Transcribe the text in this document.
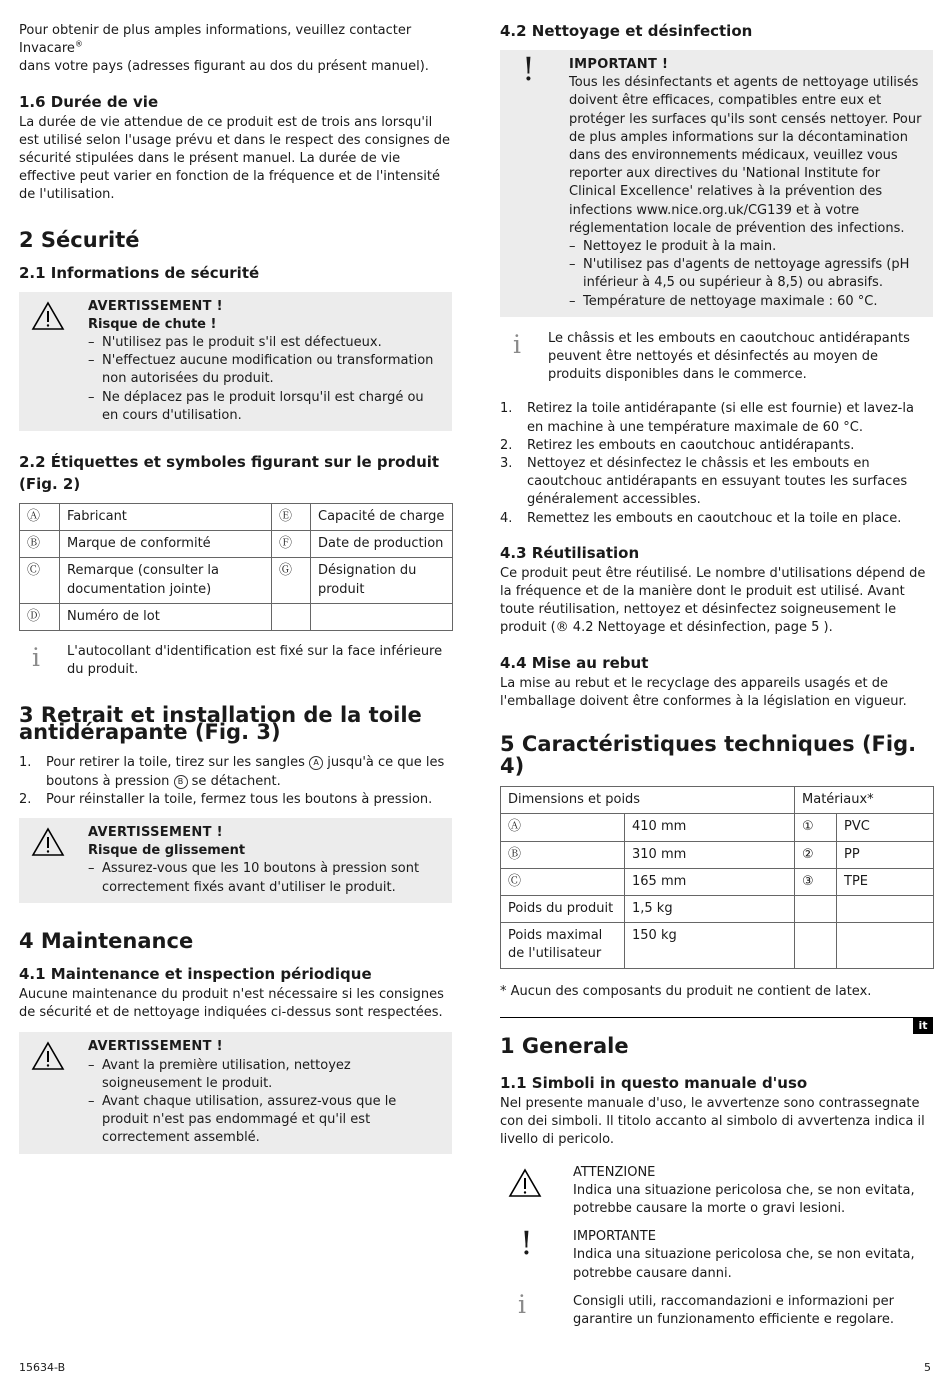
Pour obtenir de plus amples informations, veuillez contacter Invacare®
dans votre pays (adresses figurant au dos du présent manuel).

1.6 Durée de vie

La durée de vie attendue de ce produit est de trois ans lorsqu'il est utilisé selon l'usage prévu et dans le respect des consignes de sécurité stipulées dans le présent manuel. La durée de vie effective peut varier en fonction de la fréquence et de l'intensité de l'utilisation.

2 Sécurité
2.1 Informations de sécurité
AVERTISSEMENT !
Risque de chute !
– N'utilisez pas le produit s'il est défectueux.
– N'effectuez aucune modification ou transformation non autorisées du produit.
– Ne déplacez pas le produit lorsqu'il est chargé ou en cours d'utilisation.
2.2 Étiquettes et symboles figurant sur le produit (Fig. 2)
Ⓐ	Fabricant	Ⓔ	Capacité de charge
Ⓑ	Marque de conformité	Ⓕ	Date de production
Ⓒ	Remarque (consulter la documentation jointe)	Ⓖ	Désignation du produit
Ⓓ	Numéro de lot		
i	L'autocollant d'identification est fixé sur la face inférieure du produit.

3 Retrait et installation de la toile antidérapante (Fig. 3)
1. Pour retirer la toile, tirez sur les sangles A jusqu'à ce que les boutons à pression B se détachent.
2. Pour réinstaller la toile, fermez tous les boutons à pression.
AVERTISSEMENT !
Risque de glissement
– Assurez-vous que les 10 boutons à pression sont correctement fixés avant d'utiliser le produit.
4 Maintenance
4.1 Maintenance et inspection périodique

Aucune maintenance du produit n'est nécessaire si les consignes de sécurité et de nettoyage indiquées ci-dessus sont respectées.

AVERTISSEMENT !
– Avant la première utilisation, nettoyez soigneusement le produit.
– Avant chaque utilisation, assurez-vous que le produit n'est pas endommagé et qu'il est correctement assemblé.
4.2 Nettoyage et désinfection
!	IMPORTANT !

Tous les désinfectants et agents de nettoyage utilisés doivent être efficaces, compatibles entre eux et protéger les surfaces qu'ils sont censés nettoyer. Pour de plus amples informations sur la décontamination dans des environnements médicaux, veuillez vous reporter aux directives du 'National Institute for Clinical Excellence' relatives à la prévention des infections www.nice.org.uk/CG139 et à votre réglementation locale de prévention des infections.

– Nettoyez le produit à la main.
– N'utilisez pas d'agents de nettoyage agressifs (pH inférieur à 4,5 ou supérieur à 8,5) ou abrasifs.
– Température de nettoyage maximale : 60 °C.
i	Le châssis et les embouts en caoutchouc antidérapants peuvent être nettoyés et désinfectés au moyen de produits disponibles dans le commerce.

1. Retirez la toile antidérapante (si elle est fournie) et lavez-la en machine à une température maximale de 60 °C.
2. Retirez les embouts en caoutchouc antidérapants.
3. Nettoyez et désinfectez le châssis et les embouts en caoutchouc antidérapants en essuyant toutes les surfaces généralement accessibles.
4. Remettez les embouts en caoutchouc et la toile en place.
4.3 Réutilisation

Ce produit peut être réutilisé. Le nombre d'utilisations dépend de la fréquence et de la manière dont le produit est utilisé. Avant toute réutilisation, nettoyez et désinfectez soigneusement le produit (® 4.2 Nettoyage et désinfection, page 5 ).

4.4 Mise au rebut

La mise au rebut et le recyclage des appareils usagés et de l'emballage doivent être conformes à la législation en vigueur.

5 Caractéristiques techniques (Fig. 4)
Dimensions et poids		Matériaux*	
Ⓐ	410 mm	①	PVC
Ⓑ	310 mm	②	PP
Ⓒ	165 mm	③	TPE
Poids du produit	1,5 kg		
Poids maximal de l'utilisateur	150 kg		

* Aucun des composants du produit ne contient de latex.

it
1 Generale
1.1 Simboli in questo manuale d'uso

Nel presente manuale d'uso, le avvertenze sono contrassegnate con dei simboli. Il titolo accanto al simbolo di avvertenza indica il livello di pericolo.

ATTENZIONE
Indica una situazione pericolosa che, se non evitata, potrebbe causare la morte o gravi lesioni.
!	IMPORTANTE
Indica una situazione pericolosa che, se non evitata, potrebbe causare danni.
i	Consigli utili, raccomandazioni e informazioni per garantire un funzionamento efficiente e regolare.
15634-B	5
